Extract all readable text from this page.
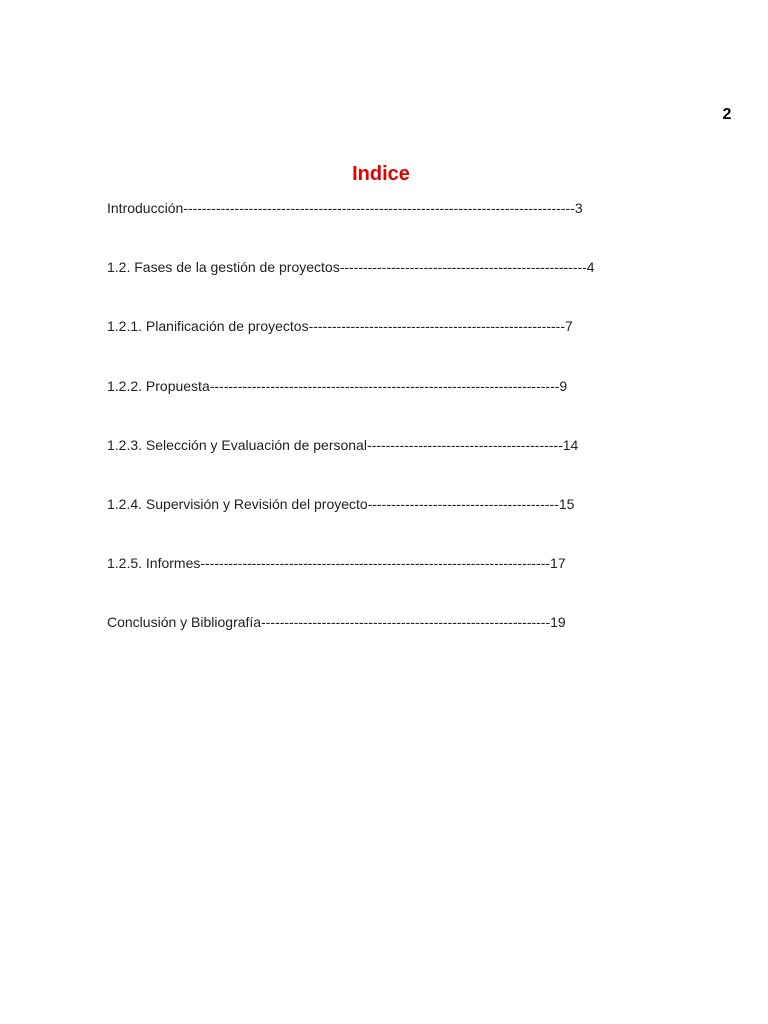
2
Indice
Introducción------------------------------------------------------------------------------------3
1.2. Fases de la gestión de proyectos-----------------------------------------------------4
1.2.1. Planificación de proyectos-------------------------------------------------------7
1.2.2. Propuesta---------------------------------------------------------------------------9
1.2.3. Selección y Evaluación de personal------------------------------------------14
1.2.4. Supervisión y Revisión del proyecto-----------------------------------------15
1.2.5. Informes---------------------------------------------------------------------------17
Conclusión y Bibliografía--------------------------------------------------------------19
